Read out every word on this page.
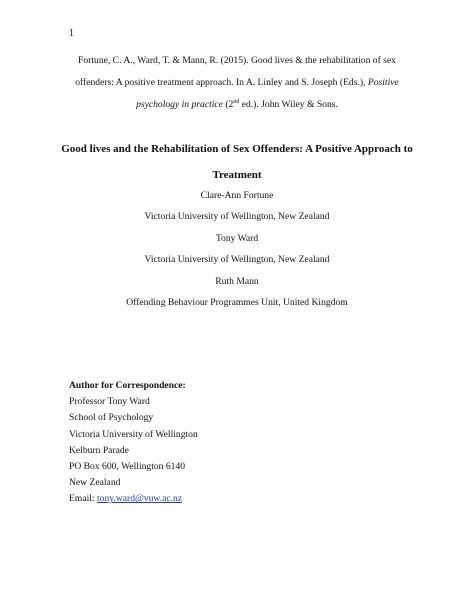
1
Fortune, C. A., Ward, T. & Mann, R. (2015). Good lives & the rehabilitation of sex offenders: A positive treatment approach. In A. Linley and S. Joseph (Eds.), Positive psychology in practice (2nd ed.). John Wiley & Sons.
Good lives and the Rehabilitation of Sex Offenders: A Positive Approach to Treatment
Clare-Ann Fortune
Victoria University of Wellington, New Zealand
Tony Ward
Victoria University of Wellington, New Zealand
Ruth Mann
Offending Behaviour Programmes Unit, United Kingdom
Author for Correspondence:
Professor Tony Ward
School of Psychology
Victoria University of Wellington
Kelburn Parade
PO Box 600, Wellington 6140
New Zealand
Email: tony.ward@vuw.ac.nz
